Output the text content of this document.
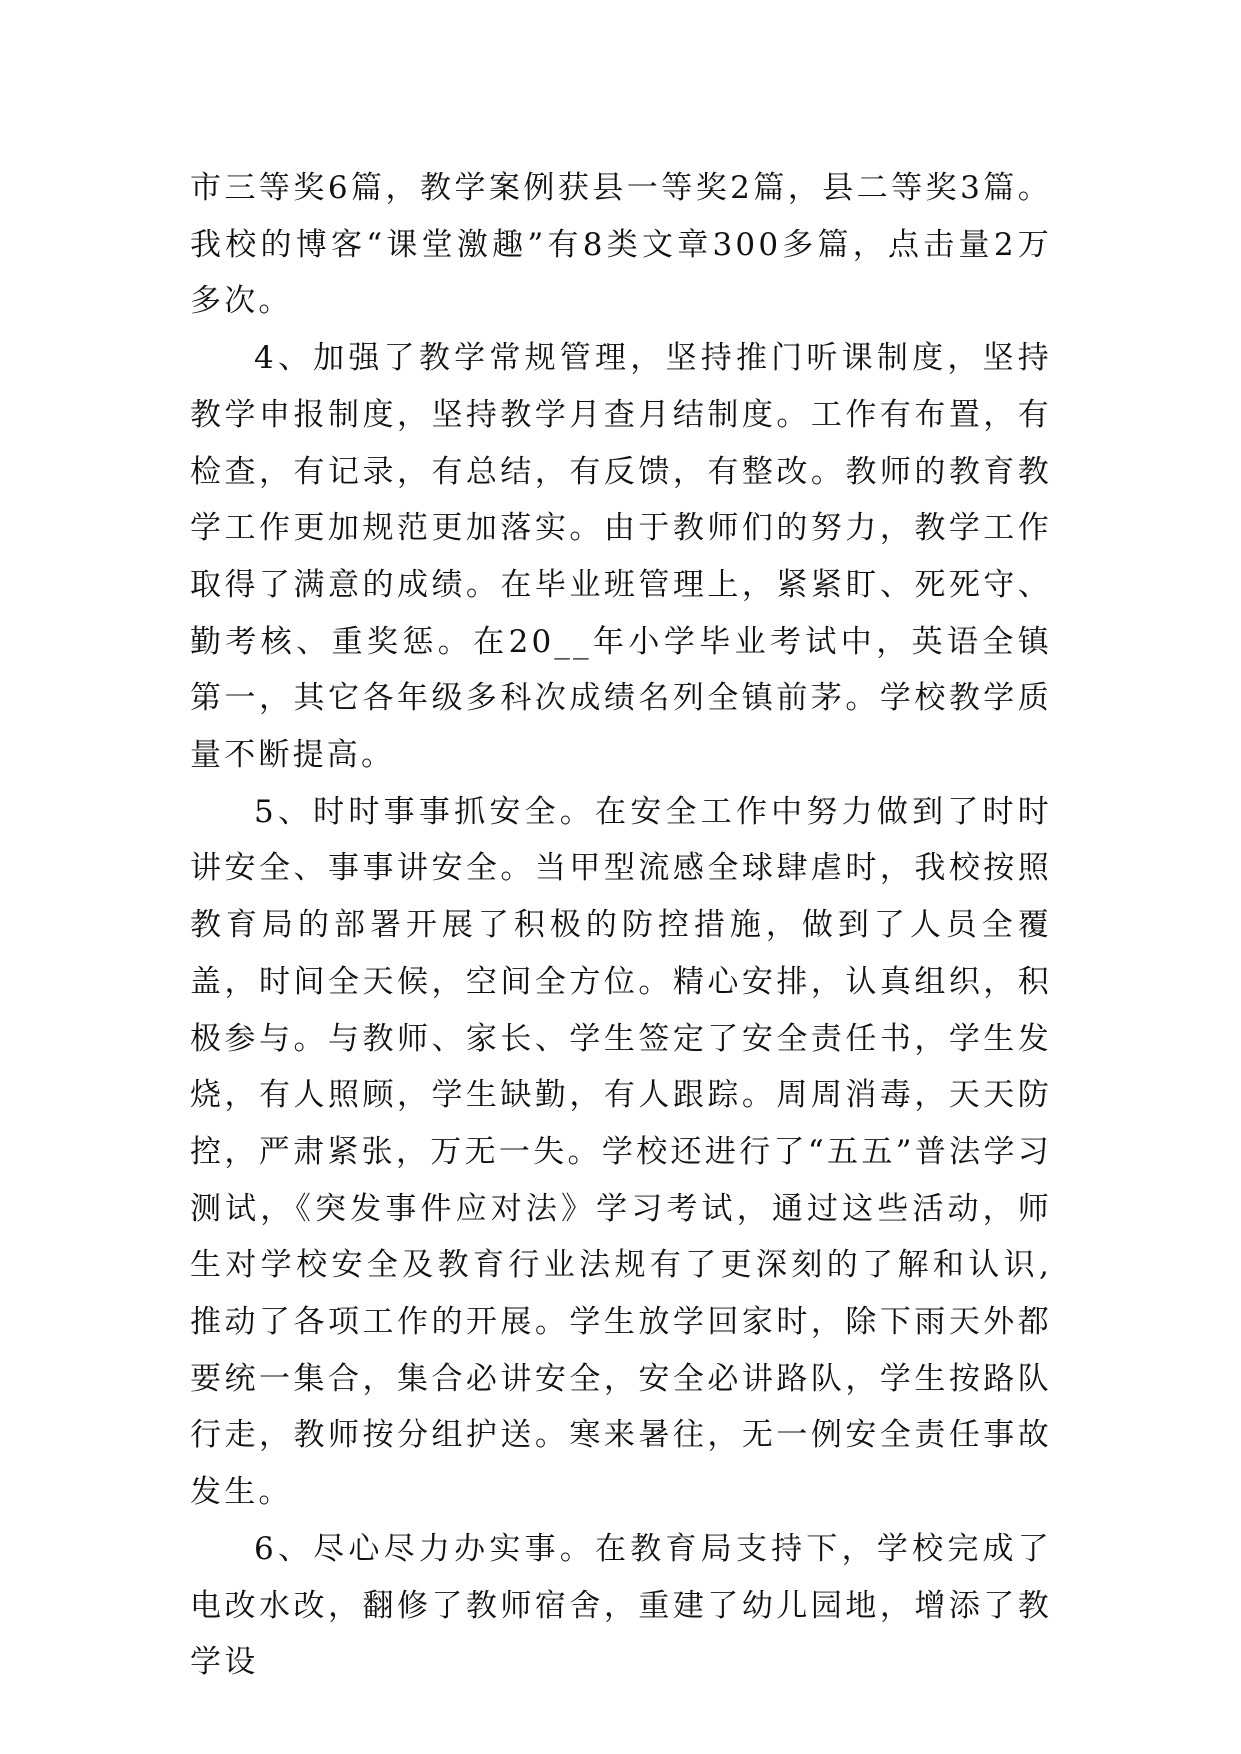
市三等奖6篇，教学案例获县一等奖2篇，县二等奖3篇。我校的博客“课堂激趣”有8类文章300多篇，点击量2万多次。

4、加强了教学常规管理，坚持推门听课制度，坚持教学申报制度，坚持教学月查月结制度。工作有布置，有检查，有记录，有总结，有反馈，有整改。教师的教育教学工作更加规范更加落实。由于教师们的努力，教学工作取得了满意的成绩。在毕业班管理上，紧紧盯、死死守、勤考核、重奖惩。在20__年小学毕业考试中，英语全镇第一，其它各年级多科次成绩名列全镇前茅。学校教学质量不断提高。

5、时时事事抓安全。在安全工作中努力做到了时时讲安全、事事讲安全。当甲型流感全球肆虐时，我校按照教育局的部署开展了积极的防控措施，做到了人员全覆盖，时间全天候，空间全方位。精心安排，认真组织，积极参与。与教师、家长、学生签定了安全责任书，学生发烧，有人照顾，学生缺勤，有人跟踪。周周消毒，天天防控，严肃紧张，万无一失。学校还进行了“五五”普法学习测试，《突发事件应对法》学习考试，通过这些活动，师生对学校安全及教育行业法规有了更深刻的了解和认识,推动了各项工作的开展。学生放学回家时，除下雨天外都要统一集合，集合必讲安全，安全必讲路队，学生按路队行走，教师按分组护送。寒来暑往，无一例安全责任事故发生。

6、尽心尽力办实事。在教育局支持下，学校完成了电改水改，翻修了教师宿舍，重建了幼儿园地，增添了教学设
